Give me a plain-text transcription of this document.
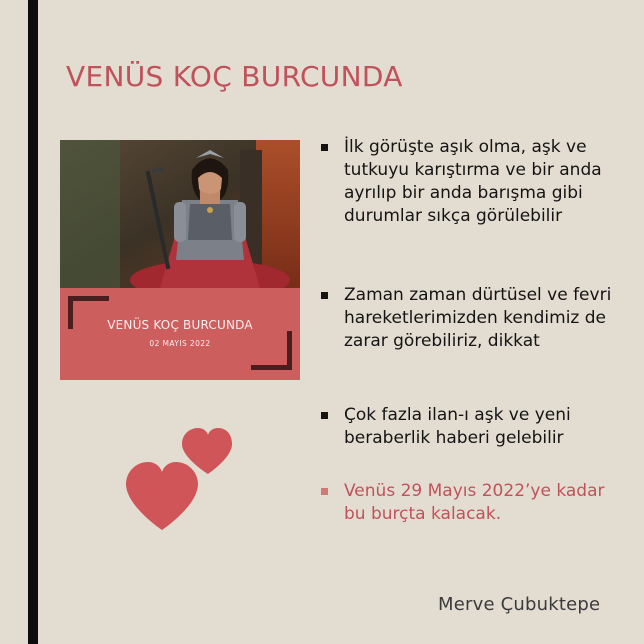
VENÜS KOÇ BURCUNDA
VENÜS KOÇ BURCUNDA
02 MAYIS 2022
İlk görüşte aşık olma, aşk ve tutkuyu karıştırma ve bir anda ayrılıp bir anda barışma gibi durumlar sıkça görülebilir
Zaman zaman dürtüsel ve fevri hareketlerimizden kendimiz de zarar görebiliriz, dikkat
Çok fazla ilan-ı aşk ve yeni beraberlik haberi gelebilir
Venüs 29 Mayıs 2022’ye kadar bu burçta kalacak.
Merve Çubuktepe
